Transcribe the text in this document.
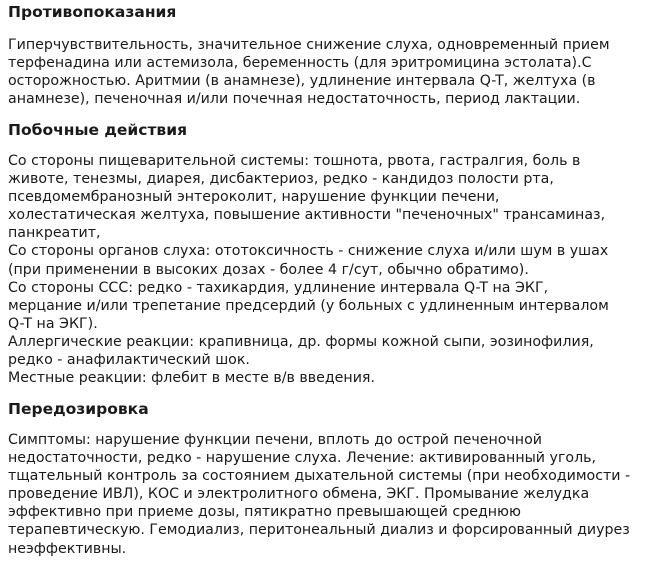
Противопоказания
Гиперчувствительность, значительное снижение слуха, одновременный прием
терфенадина или астемизола, беременность (для эритромицина эстолата).С
осторожностью. Аритмии (в анамнезе), удлинение интервала Q-T, желтуха (в
анамнезе), печеночная и/или почечная недостаточность, период лактации.
Побочные действия
Со стороны пищеварительной системы: тошнота, рвота, гастралгия, боль в
животе, тенезмы, диарея, дисбактериоз, редко - кандидоз полости рта,
псевдомембранозный энтероколит, нарушение функции печени,
холестатическая желтуха, повышение активности "печеночных" трансаминаз,
панкреатит,
Со стороны органов слуха: ототоксичность - снижение слуха и/или шум в ушах
(при применении в высоких дозах - более 4 г/сут, обычно обратимо).
Со стороны ССС: редко - тахикардия, удлинение интервала Q-T на ЭКГ,
мерцание и/или трепетание предсердий (у больных с удлиненным интервалом
Q-T на ЭКГ).
Аллергические реакции: крапивница, др. формы кожной сыпи, эозинофилия,
редко - анафилактический шок.
Местные реакции: флебит в месте в/в введения.
Передозировка
Симптомы: нарушение функции печени, вплоть до острой печеночной
недостаточности, редко - нарушение слуха. Лечение: активированный уголь,
тщательный контроль за состоянием дыхательной системы (при необходимости -
проведение ИВЛ), КОС и электролитного обмена, ЭКГ. Промывание желудка
эффективно при приеме дозы, пятикратно превышающей среднюю
терапевтическую. Гемодиализ, перитонеальный диализ и форсированный диурез
неэффективны.
